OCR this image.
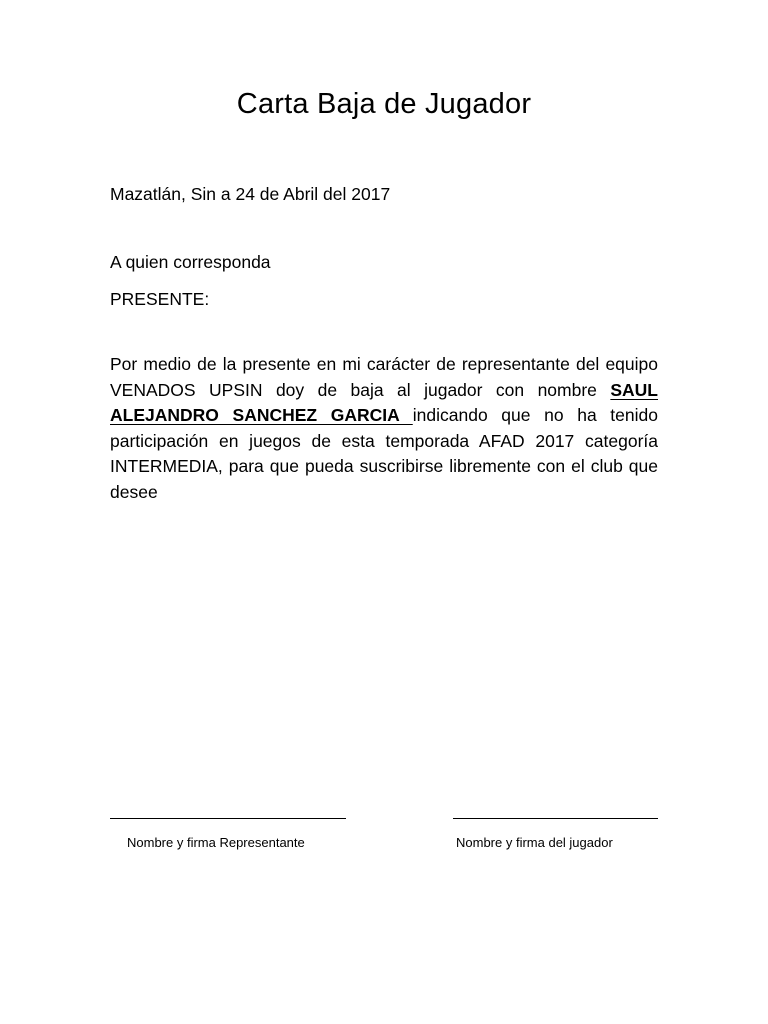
Carta Baja de Jugador
Mazatlán, Sin a 24 de Abril del 2017
A quien corresponda
PRESENTE:

Por medio de la presente en mi carácter de representante del equipo VENADOS UPSIN doy de baja al jugador con nombre SAUL ALEJANDRO SANCHEZ GARCIA indicando que no ha tenido participación en juegos de esta temporada AFAD 2017 categoría INTERMEDIA, para que pueda suscribirse libremente con el club que desee

Nombre y firma Representante	Nombre y firma del jugador
